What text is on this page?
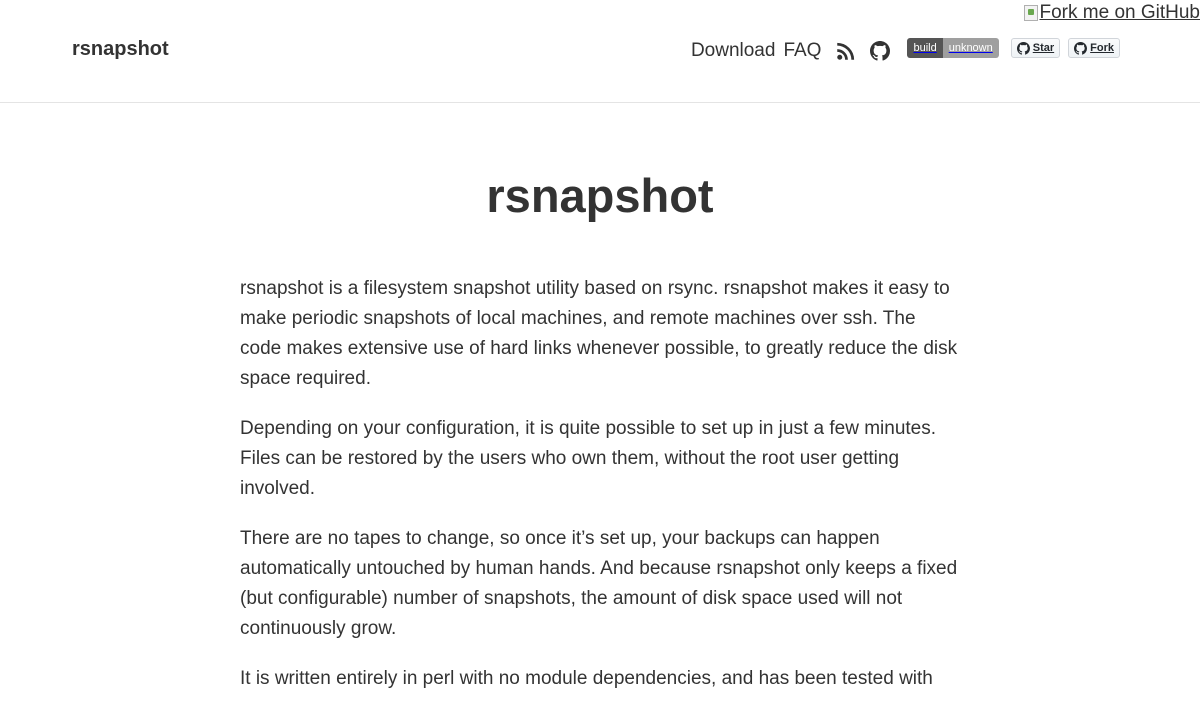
rsnapshot	Download FAQ	build	unknown	Star	Fork
Fork me on GitHub
rsnapshot

rsnapshot is a filesystem snapshot utility based on rsync. rsnapshot makes it easy to make periodic snapshots of local machines, and remote machines over ssh. The code makes extensive use of hard links whenever possible, to greatly reduce the disk space required.

Depending on your configuration, it is quite possible to set up in just a few minutes. Files can be restored by the users who own them, without the root user getting involved.

There are no tapes to change, so once it’s set up, your backups can happen automatically untouched by human hands. And because rsnapshot only keeps a fixed (but configurable) number of snapshots, the amount of disk space used will not continuously grow.

It is written entirely in perl with no module dependencies, and has been tested with
